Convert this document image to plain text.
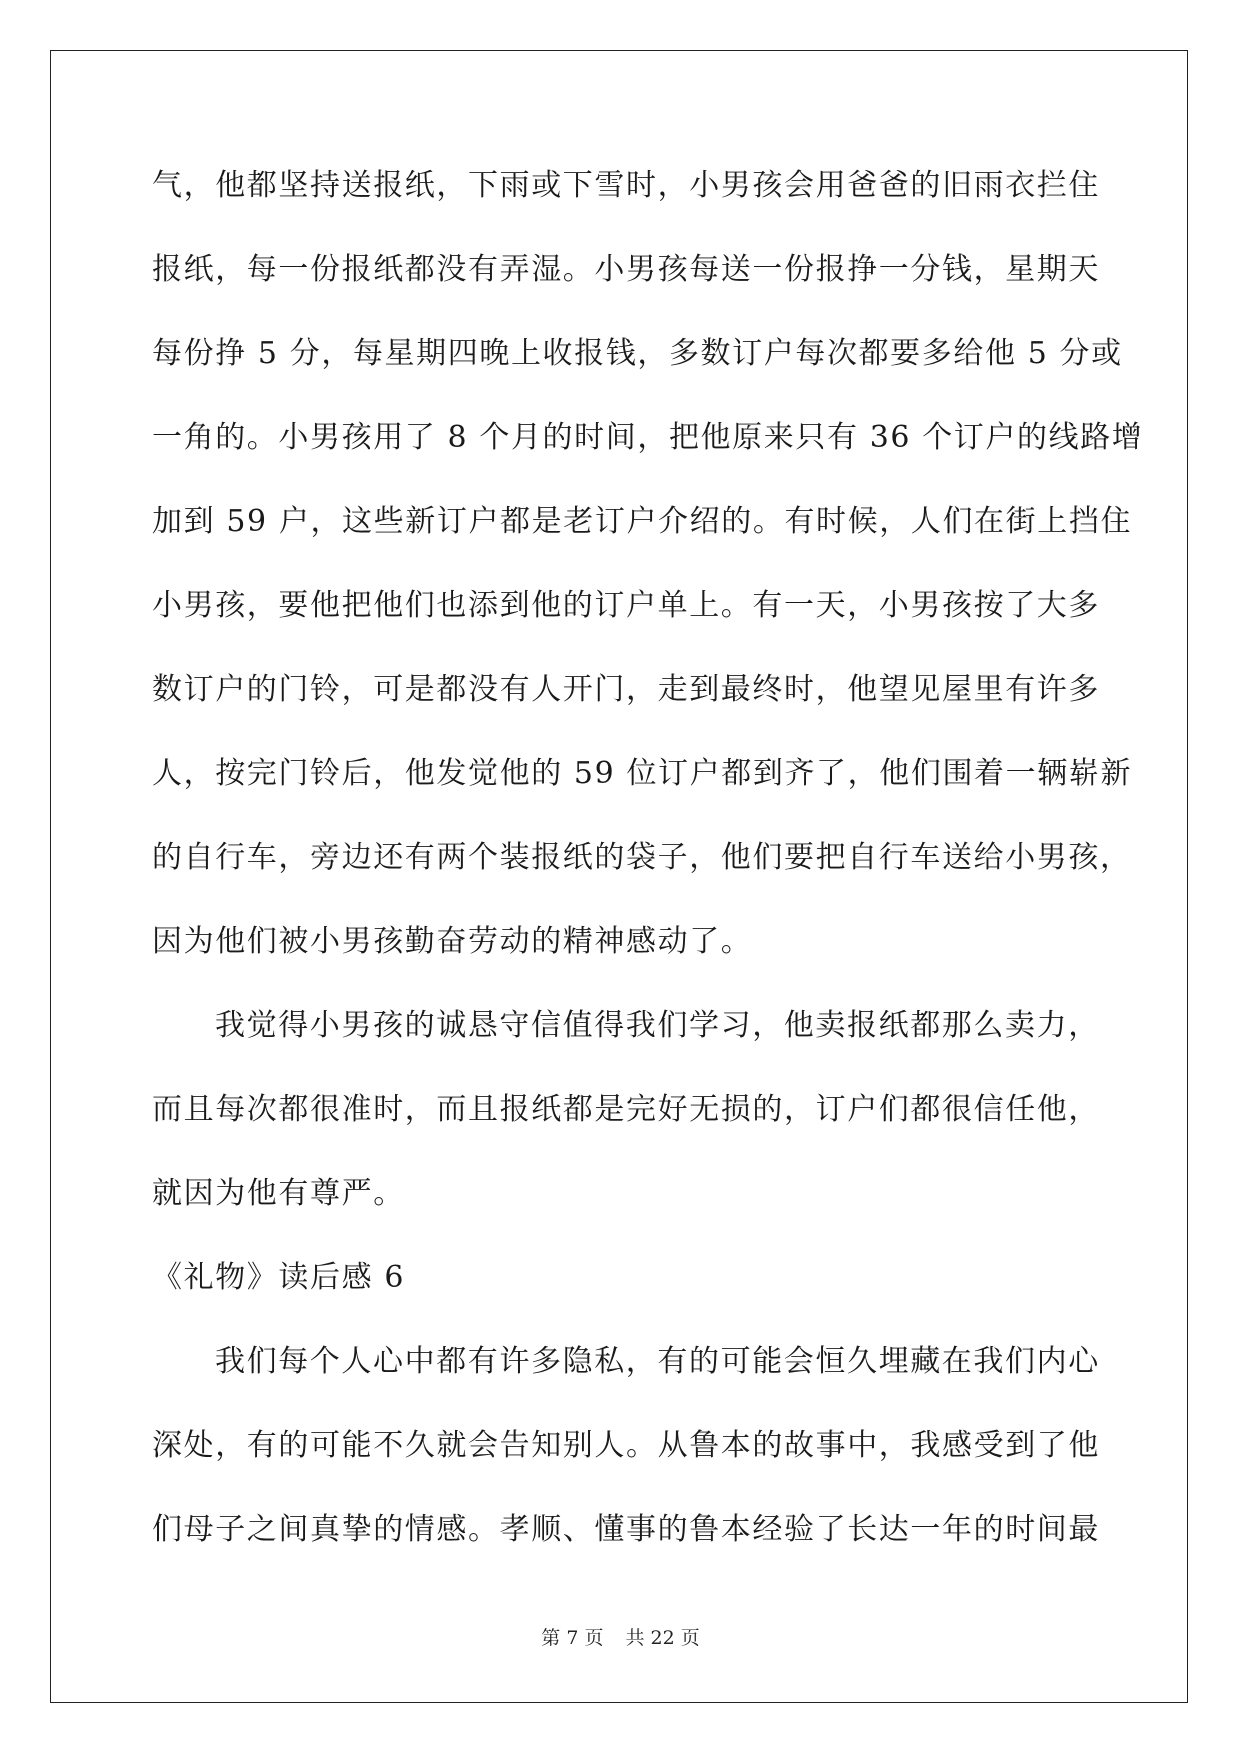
气，他都坚持送报纸，下雨或下雪时，小男孩会用爸爸的旧雨衣拦住
报纸，每一份报纸都没有弄湿。小男孩每送一份报挣一分钱，星期天
每份挣 5 分，每星期四晚上收报钱，多数订户每次都要多给他 5 分或
一角的。小男孩用了 8 个月的时间，把他原来只有 36 个订户的线路增
加到 59 户，这些新订户都是老订户介绍的。有时候，人们在街上挡住
小男孩，要他把他们也添到他的订户单上。有一天，小男孩按了大多
数订户的门铃，可是都没有人开门，走到最终时，他望见屋里有许多
人，按完门铃后，他发觉他的 59 位订户都到齐了，他们围着一辆崭新
的自行车，旁边还有两个装报纸的袋子，他们要把自行车送给小男孩，
因为他们被小男孩勤奋劳动的精神感动了。
我觉得小男孩的诚恳守信值得我们学习，他卖报纸都那么卖力，
而且每次都很准时，而且报纸都是完好无损的，订户们都很信任他，
就因为他有尊严。
《礼物》读后感 6
我们每个人心中都有许多隐私，有的可能会恒久埋藏在我们内心
深处，有的可能不久就会告知别人。从鲁本的故事中，我感受到了他
们母子之间真挚的情感。孝顺、懂事的鲁本经验了长达一年的时间最
第 7 页 共 22 页
